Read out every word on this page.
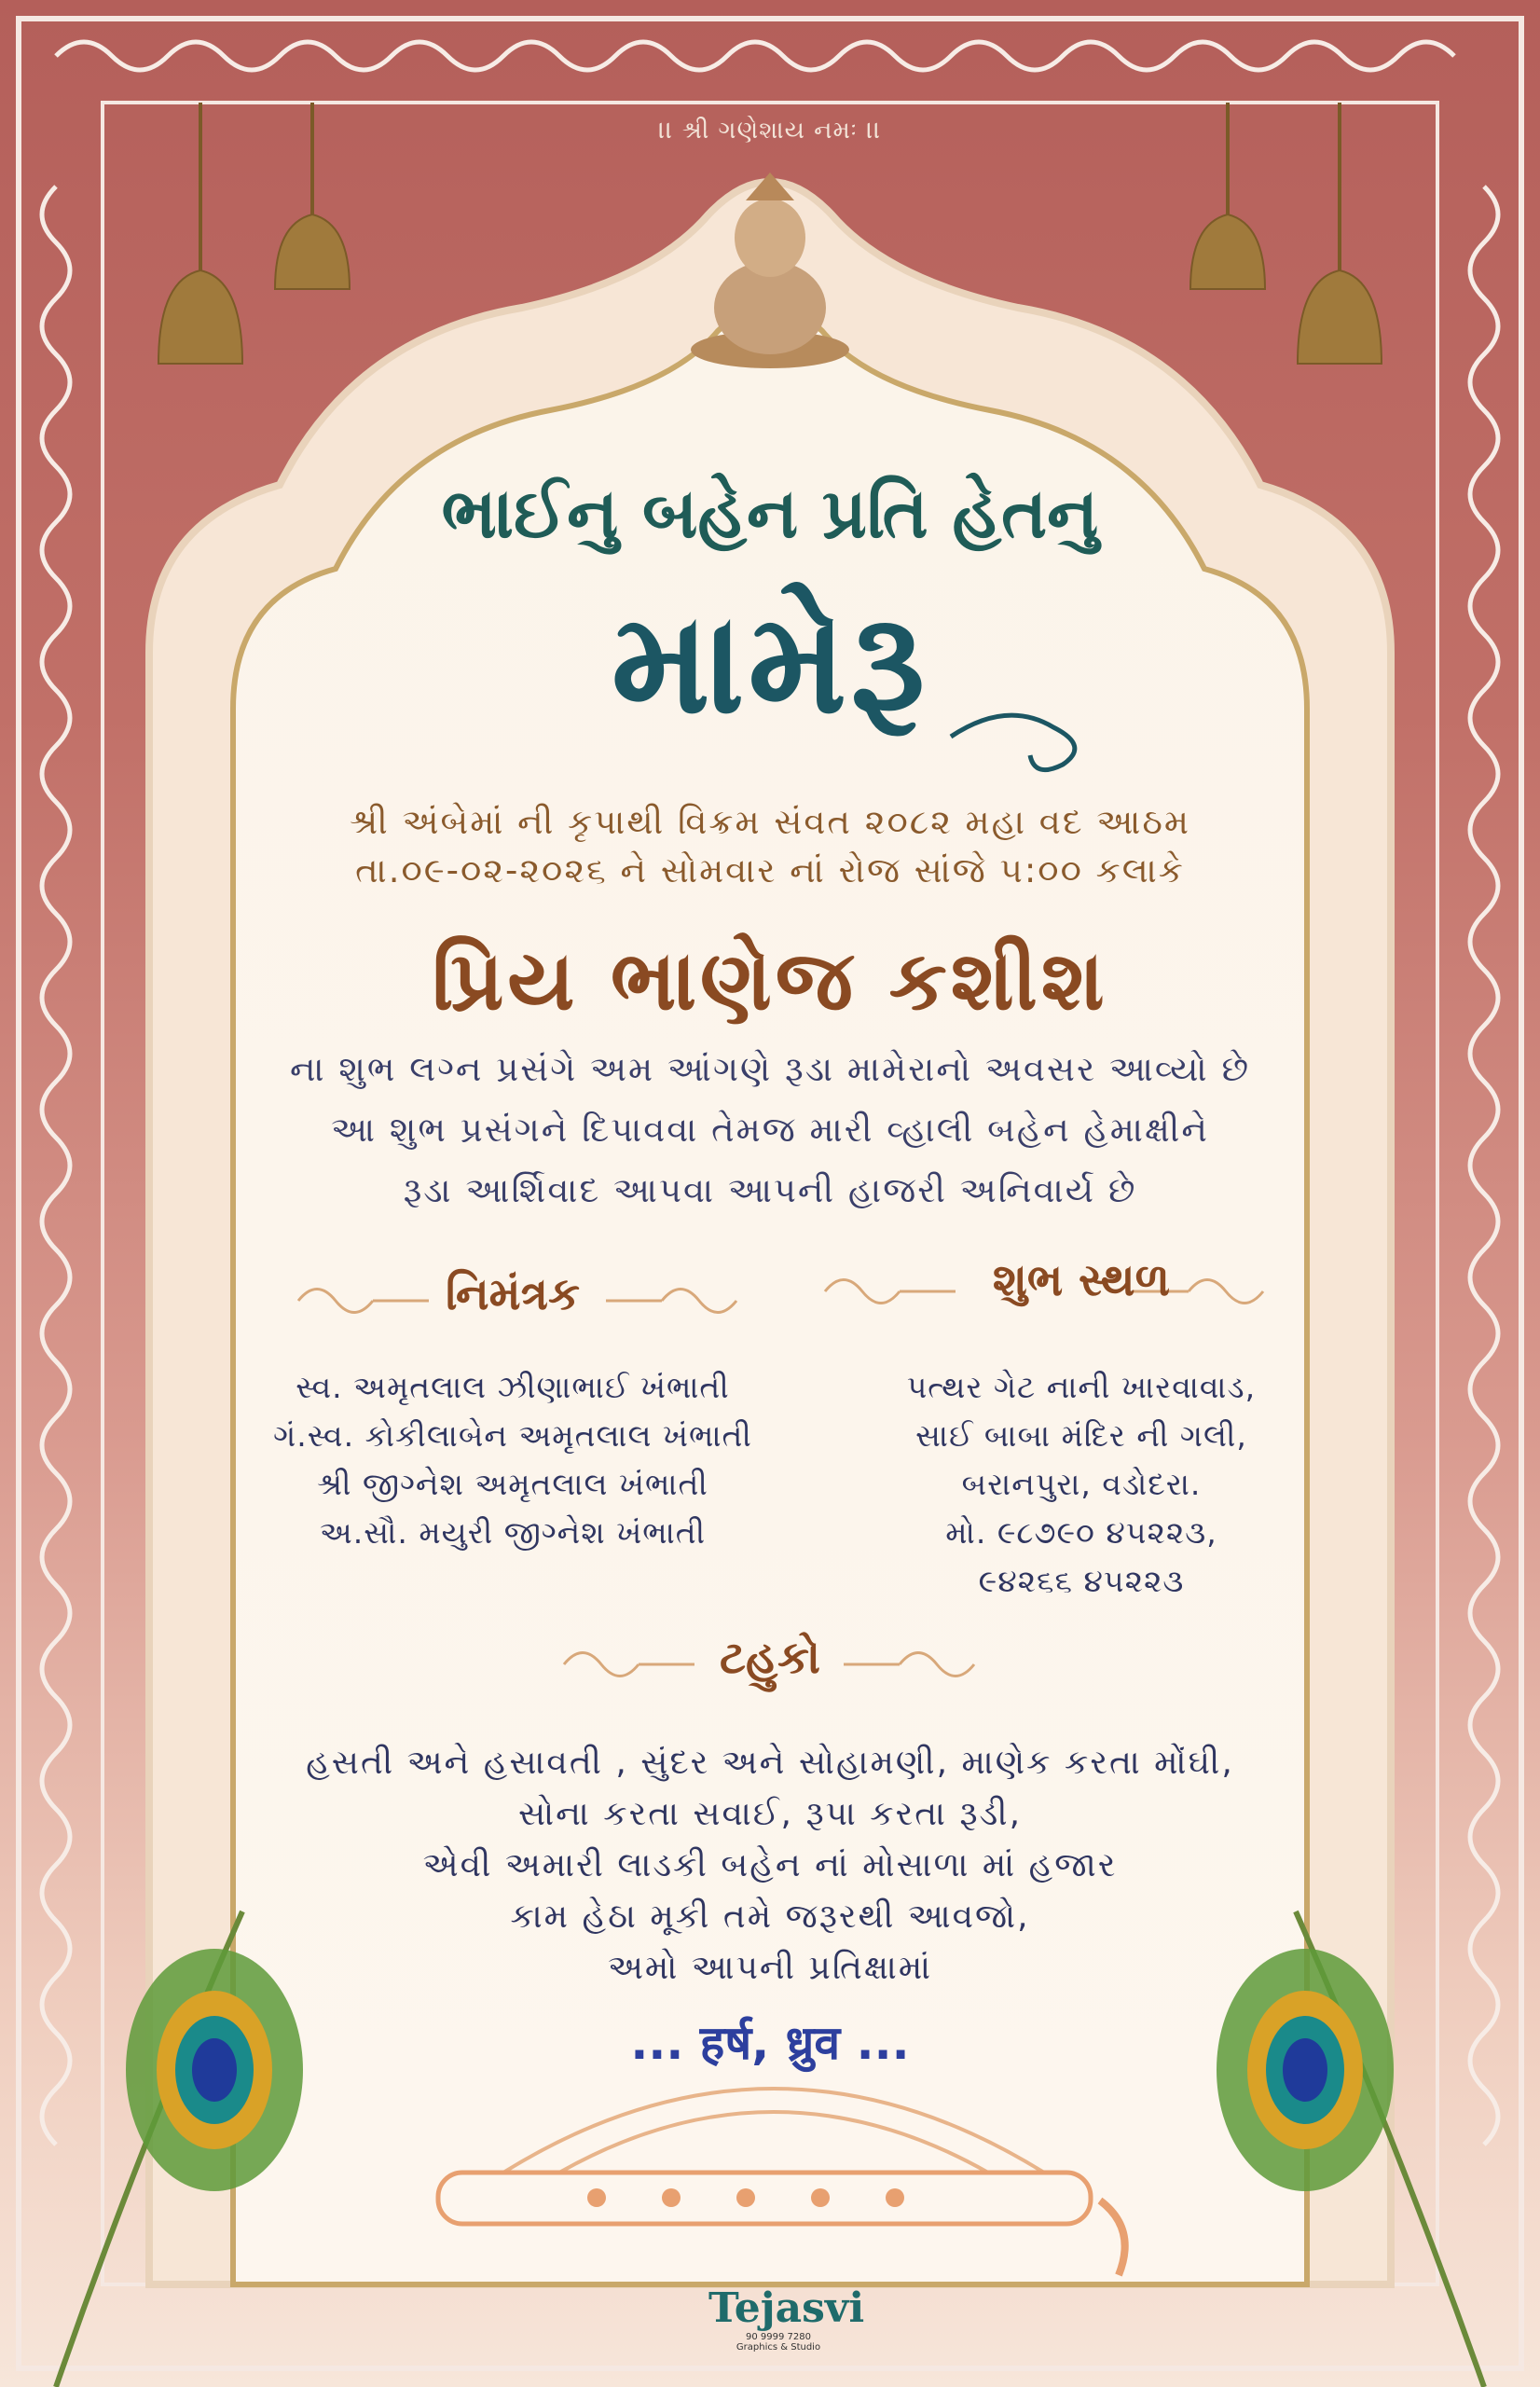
।। શ્રી ગણેશાય નમઃ ।।
ભાઈનુ બહેન પ્રતિ હેતનુ
મામેરૂ
શ્રી અંબેમાં ની કૃપાથી વિક્રમ સંવત ૨૦૮૨ મહા વદ આઠમ
તા.૦૯-૦૨-૨૦૨૬ ને સોમવાર નાં રોજ સાંજે ૫:૦૦ કલાકે
પ્રિય ભાણેજ કશીશ
ના શુભ લગ્ન પ્રસંગે અમ આંગણે રૂડા મામેરાનો અવસર આવ્યો છે
આ શુભ પ્રસંગને દિપાવવા તેમજ મારી વ્હાલી બહેન હેમાક્ષીને
રૂડા આર્શિવાદ આપવા આપની હાજરી અનિવાર્ય છે
નિમંત્રક
સ્વ. અમૃતલાલ ઝીણાભાઈ ખંભાતી
ગં.સ્વ. કોકીલાબેન અમૃતલાલ ખંભાતી
શ્રી જીગ્નેશ અમૃતલાલ ખંભાતી
અ.સૌ. મયુરી જીગ્નેશ ખંભાતી
શુભ સ્થળ
પત્થર ગેટ નાની ખારવાવાડ,
સાઈ બાબા મંદિર ની ગલી,
બરાનપુરા, વડોદરા.
મો. ૯૮૭૯૦ ૪૫૨૨૩,
૯૪૨૬૬ ૪૫૨૨૩
ટહુકો
હસતી અને હસાવતી , સુંદર અને સોહામણી, માણેક કરતા મોંઘી,
સોના કરતા સવાઈ, રૂપા કરતા રૂડી,
એવી અમારી લાડકી બહેન નાં મોસાળા માં હજાર
કામ હેઠા મૂકી તમે જરૂરથી આવજો,
અમો આપની પ્રતિક્ષામાં
... हर्ष, ध्रुव ...
Tejasvi
90 9999 7280
Graphics & Studio
